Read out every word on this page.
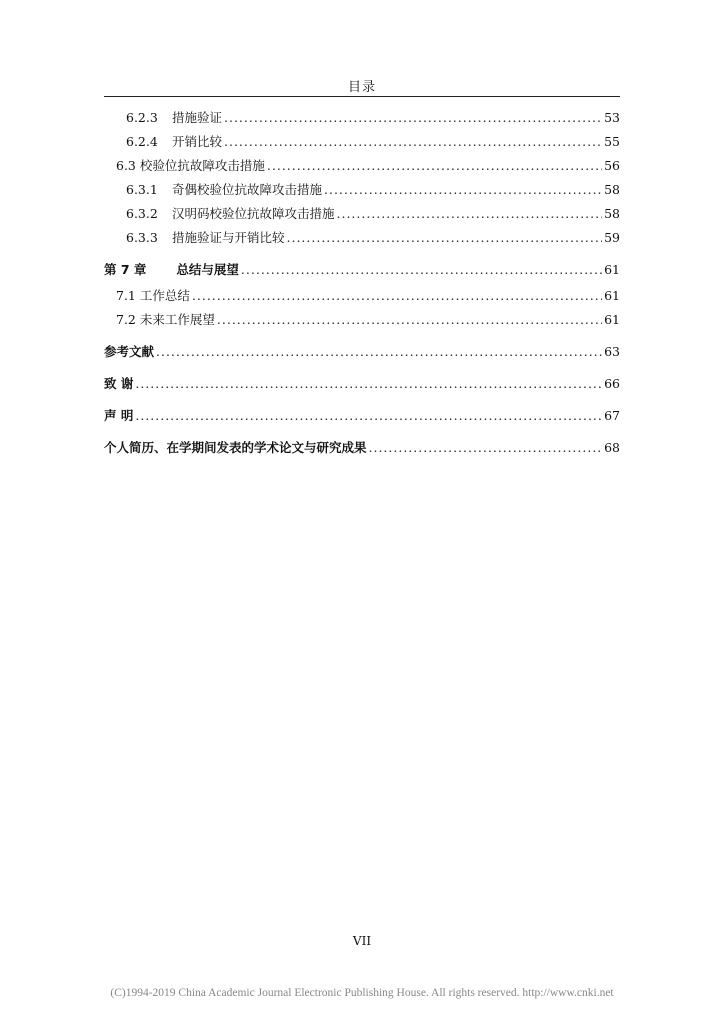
目录
6.2.3	措施验证 .....	53
6.2.4	开销比较 .....	55
6.3 校验位抗故障攻击措施 .....	56
6.3.1	奇偶校验位抗故障攻击措施 .....	58
6.3.2	汉明码校验位抗故障攻击措施 .....	58
6.3.3	措施验证与开销比较 .....	59
第 7 章 总结与展望 .....	61
7.1 工作总结 .....	61
7.2 未来工作展望 .....	61
参考文献 .....	63
致 谢 .....	66
声 明 .....	67
个人简历、在学期间发表的学术论文与研究成果 .....	68
VII
(C)1994-2019 China Academic Journal Electronic Publishing House. All rights reserved. http://www.cnki.net
